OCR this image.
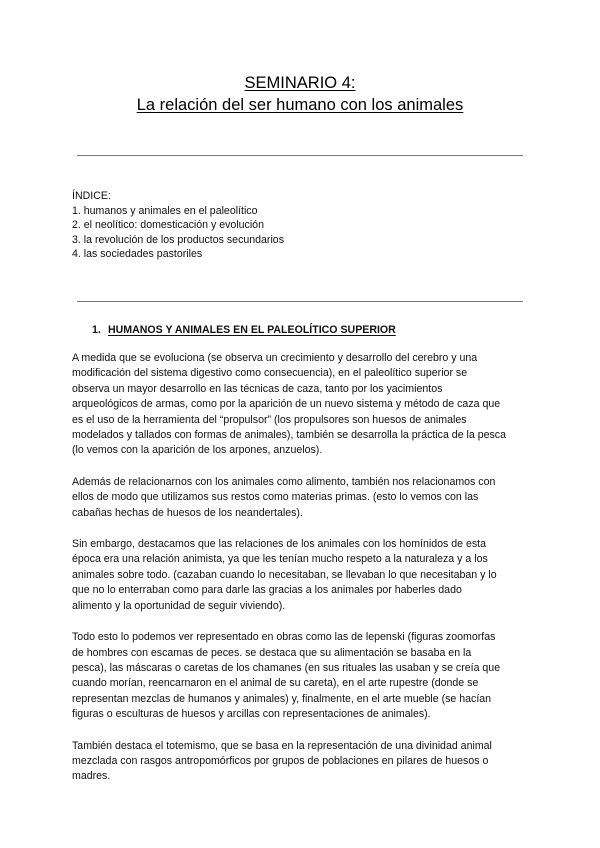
SEMINARIO 4:
La relación del ser humano con los animales
ÍNDICE:
1. humanos y animales en el paleolítico
2. el neolítico: domesticación y evolución
3. la revolución de los productos secundarios
4. las sociedades pastoriles
1. HUMANOS Y ANIMALES EN EL PALEOLÍTICO SUPERIOR

A medida que se evoluciona (se observa un crecimiento y desarrollo del cerebro y una
modificación del sistema digestivo como consecuencia), en el paleolítico superior se
observa un mayor desarrollo en las técnicas de caza, tanto por los yacimientos
arqueológicos de armas, como por la aparición de un nuevo sistema y método de caza que
es el uso de la herramienta del “propulsor” (los propulsores son huesos de animales
modelados y tallados con formas de animales), también se desarrolla la práctica de la pesca
(lo vemos con la aparición de los arpones, anzuelos).

Además de relacionarnos con los animales como alimento, también nos relacionamos con
ellos de modo que utilizamos sus restos como materias primas. (esto lo vemos con las
cabañas hechas de huesos de los neandertales).

Sin embargo, destacamos que las relaciones de los animales con los homínidos de esta
época era una relación animista, ya que les tenían mucho respeto a la naturaleza y a los
animales sobre todo. (cazaban cuando lo necesitaban, se llevaban lo que necesitaban y lo
que no lo enterraban como para darle las gracias a los animales por haberles dado
alimento y la oportunidad de seguir viviendo).

Todo esto lo podemos ver representado en obras como las de lepenski (figuras zoomorfas
de hombres con escamas de peces. se destaca que su alimentación se basaba en la
pesca), las máscaras o caretas de los chamanes (en sus rituales las usaban y se creía que
cuando morían, reencarnaron en el animal de su careta), en el arte rupestre (donde se
representan mezclas de humanos y animales) y, finalmente, en el arte mueble (se hacían
figuras o esculturas de huesos y arcillas con representaciones de animales).

También destaca el totemismo, que se basa en la representación de una divinidad animal
mezclada con rasgos antropomórficos por grupos de poblaciones en pilares de huesos o
madres.
